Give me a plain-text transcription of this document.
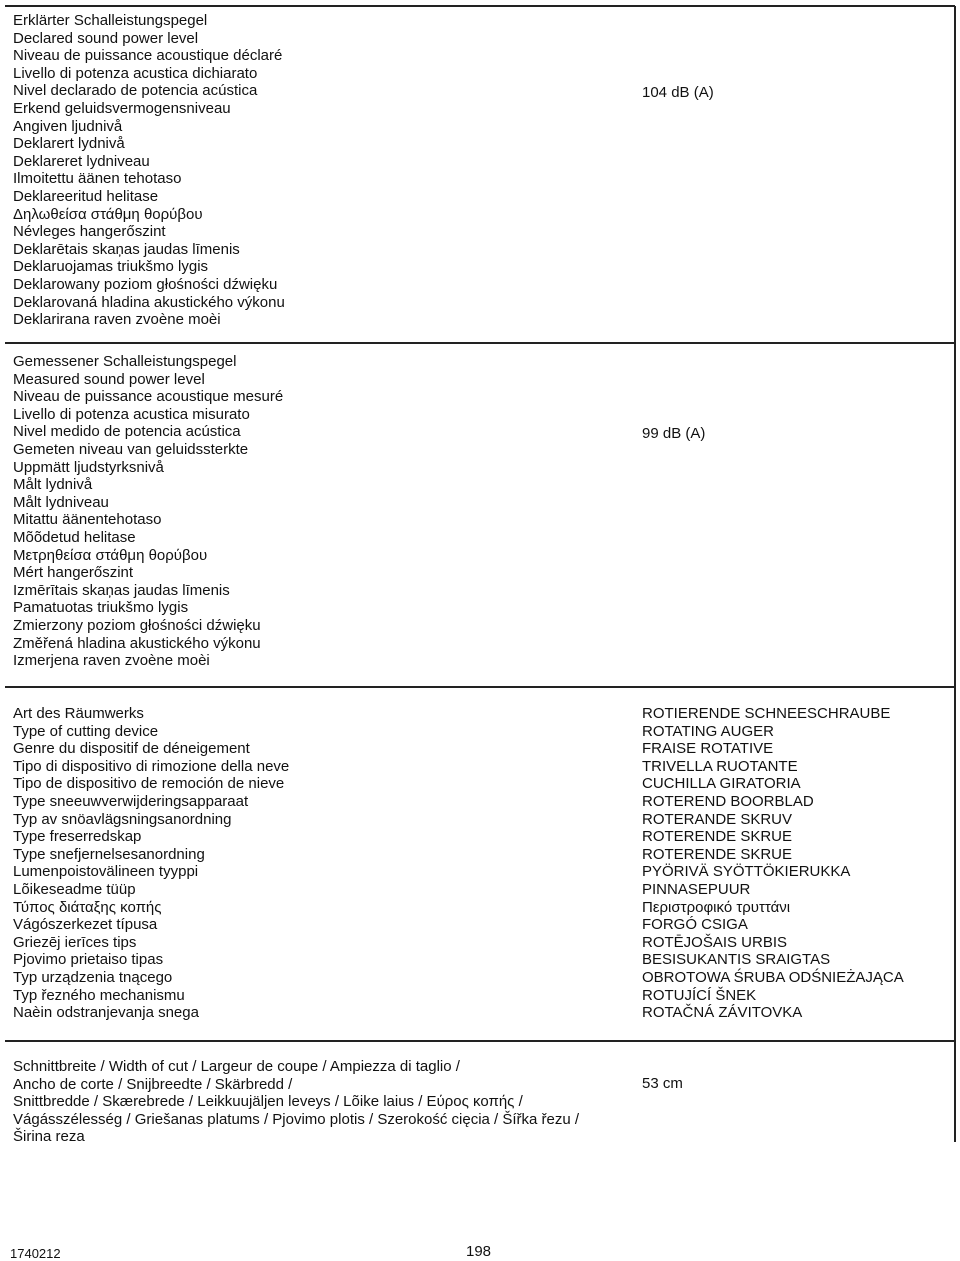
Erklärter Schalleistungspegel
Declared sound power level
Niveau de puissance acoustique déclaré
Livello di potenza acustica dichiarato
Nivel declarado de potencia acústica
Erkend geluidsvermogensniveau
Angiven ljudnivå
Deklarert lydnivå
Deklareret lydniveau
Ilmoitettu äänen tehotaso
Deklareeritud helitase
Δηλωθείσα στάθμη θορύβου
Névleges hangerőszint
Deklarētais skaņas jaudas līmenis
Deklaruojamas triukšmo lygis
Deklarowany poziom głośności dźwięku
Deklarovaná hladina akustického výkonu
Deklarirana raven zvoène moèi
104 dB (A)
Gemessener Schalleistungspegel
Measured sound power level
Niveau de puissance acoustique mesuré
Livello di potenza acustica misurato
Nivel medido de potencia acústica
Gemeten niveau van geluidssterkte
Uppmätt ljudstyrksnivå
Målt lydnivå
Målt lydniveau
Mitattu äänentehotaso
Mõõdetud helitase
Μετρηθείσα στάθμη θορύβου
Mért hangerőszint
Izmērītais skaņas jaudas līmenis
Pamatuotas triukšmo lygis
Zmierzony poziom głośności dźwięku
Změřená hladina akustického výkonu
Izmerjena raven zvoène moèi
99 dB (A)
Art des Räumwerks
Type of cutting device
Genre du dispositif de déneigement
Tipo di dispositivo di rimozione della neve
Tipo de dispositivo de remoción de nieve
Type sneeuwverwijderingsapparaat
Typ av snöavlägsningsanordning
Type freserredskap
Type snefjernelsesanordning
Lumenpoistovälineen tyyppi
Lõikeseadme tüüp
Τύπος διάταξης κοπής
Vágószerkezet típusa
Griezēj ierīces tips
Pjovimo prietaiso tipas
Typ urządzenia tnącego
Typ řezného mechanismu
Naèin odstranjevanja snega
ROTIERENDE SCHNEESCHRAUBE
ROTATING AUGER
FRAISE ROTATIVE
TRIVELLA RUOTANTE
CUCHILLA GIRATORIA
ROTEREND BOORBLAD
ROTERANDE SKRUV
ROTERENDE SKRUE
ROTERENDE SKRUE
PYÖRIVÄ SYÖTTÖKIERUKKA
PINNASEPUUR
Περιστροφικό τρυττάνι
FORGÓ CSIGA
ROTĒJOŠAIS URBIS
BESISUKANTIS SRAIGTAS
OBROTOWA ŚRUBA ODŚNIEŻAJĄCA
ROTUJÍCÍ ŠNEK
ROTAČNÁ ZÁVITOVKA
Schnittbreite / Width of cut / Largeur de coupe / Ampiezza di taglio /
Ancho de corte / Snijbreedte / Skärbredd /
Snittbredde / Skærebrede / Leikkuujäljen leveys / Lõike laius / Εύρος κοπής /
Vágásszélesség / Griešanas platums / Pjovimo plotis / Szerokość cięcia / Šířka řezu /
Širina reza
53 cm
1740212	198
